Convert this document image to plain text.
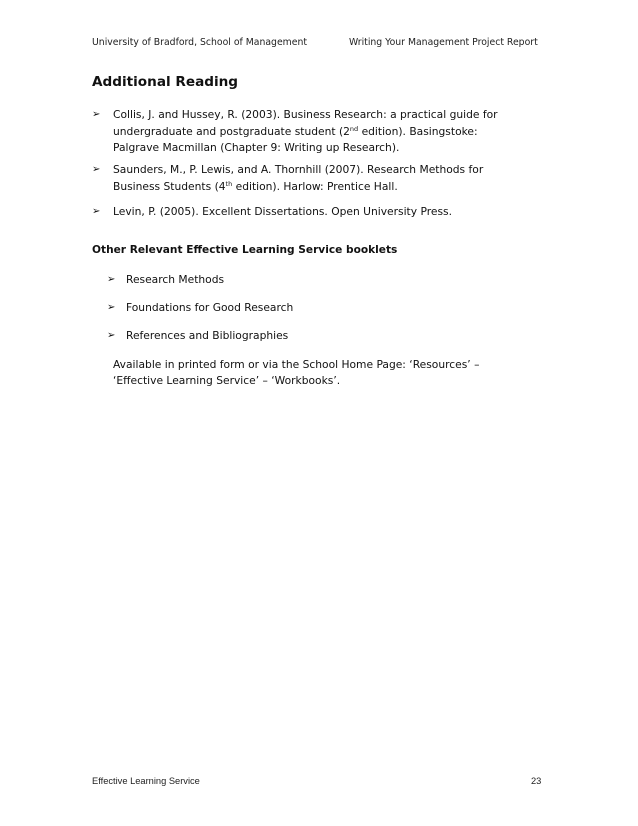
University of Bradford, School of Management	Writing Your Management Project Report
Additional Reading
➢ Collis, J. and Hussey, R. (2003). Business Research: a practical guide for
undergraduate and postgraduate student (2nd edition). Basingstoke:
Palgrave Macmillan (Chapter 9: Writing up Research).
➢ Saunders, M., P. Lewis, and A. Thornhill (2007). Research Methods for
Business Students (4th edition). Harlow: Prentice Hall.
➢ Levin, P. (2005). Excellent Dissertations. Open University Press.
Other Relevant Effective Learning Service booklets
➢ Research Methods
➢ Foundations for Good Research
➢ References and Bibliographies
Available in printed form or via the School Home Page: ‘Resources’ –
‘Effective Learning Service’ – ‘Workbooks’.
Effective Learning Service	23
